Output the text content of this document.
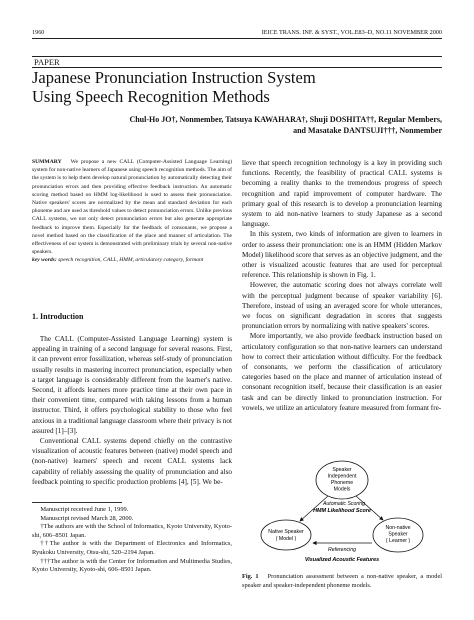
1960	IEICE TRANS. INF. & SYST., VOL.E83–D, NO.11 NOVEMBER 2000
PAPER
Japanese Pronunciation Instruction System
Using Speech Recognition Methods
Chul-Ho JO†, Nonmember, Tatsuya KAWAHARA†, Shuji DOSHITA††, Regular Members,
and Masatake DANTSUJI†††, Nonmember

SUMMARY We propose a new CALL (Computer-Assisted Language Learning) system for non-native learners of Japanese using speech recognition methods. The aim of the system is to help them develop natural pronunciation by automatically detecting their pronunciation errors and then providing effective feedback instruction. An automatic scoring method based on HMM log-likelihood is used to assess their pronunciation. Native speakers' scores are normalized by the mean and standard deviation for each phoneme and are used as threshold values to detect pronunciation errors. Unlike previous CALL systems, we not only detect pronunciation errors but also generate appropriate feedback to improve them. Especially for the feedback of consonants, we propose a novel method based on the classification of the place and manner of articulation. The effectiveness of our system is demonstrated with preliminary trials by several non-native speakers.

key words: speech recognition, CALL, HMM, articulatory category, formant

1. Introduction

The CALL (Computer-Assisted Language Learning) system is appealing in training of a second language for several reasons. First, it can prevent error fossilization, whereas self-study of pronunciation usually results in mastering incorrect pronunciation, especially when a target language is considerably different from the learner's native. Second, it affords learners more practice time at their own pace in their convenient time, compared with taking lessons from a human instructor. Third, it offers psychological stability to those who feel anxious in a traditional language classroom where their privacy is not assured [1]–[3].

Conventional CALL systems depend chiefly on the contrastive visualization of acoustic features between (native) model speech and (non-native) learners' speech and recent CALL systems lack capability of reliably assessing the quality of pronunciation and also feedback pointing to specific production problems [4], [5]. We be-

Manuscript received June 1, 1999.

Manuscript revised March 28, 2000.

†The authors are with the School of Informatics, Kyoto University, Kyoto-shi, 606–8501 Japan.

††The author is with the Department of Electronics and Informatics, Ryukoku University, Otsu-shi, 520–2194 Japan.

†††The author is with the Center for Information and Multimedia Studies, Kyoto University, Kyoto-shi, 606–8501 Japan.

lieve that speech recognition technology is a key in providing such functions. Recently, the feasibility of practical CALL systems is becoming a reality thanks to the tremendous progress of speech recognition and rapid improvement of computer hardware. The primary goal of this research is to develop a pronunciation learning system to aid non-native learners to study Japanese as a second language.

In this system, two kinds of information are given to learners in order to assess their pronunciation: one is an HMM (Hidden Markov Model) likelihood score that serves as an objective judgment, and the other is visualized acoustic features that are used for perceptual reference. This relationship is shown in Fig. 1.

However, the automatic scoring does not always correlate well with the perceptual judgment because of speaker variability [6]. Therefore, instead of using an averaged score for whole utterances, we focus on significant degradation in scores that suggests pronunciation errors by normalizing with native speakers' scores.

More importantly, we also provide feedback instruction based on articulatory configuration so that non-native learners can understand how to correct their articulation without difficulty. For the feedback of consonants, we perform the classification of articulatory categories based on the place and manner of articulation instead of consonant recognition itself, because their classification is an easier task and can be directly linked to pronunciation instruction. For vowels, we utilize an articulatory feature measured from formant fre-

Speaker
Independent
Phoneme
Models
Native Speaker
( Model )
Non-native
Speaker
( Learner )
Automatic Scoring
HMM Likelihood Score
Referencing
Visualized Acoustic Features
Fig. 1 Pronunciation assessment between a non-native speaker, a model speaker and speaker-independent phoneme models.
